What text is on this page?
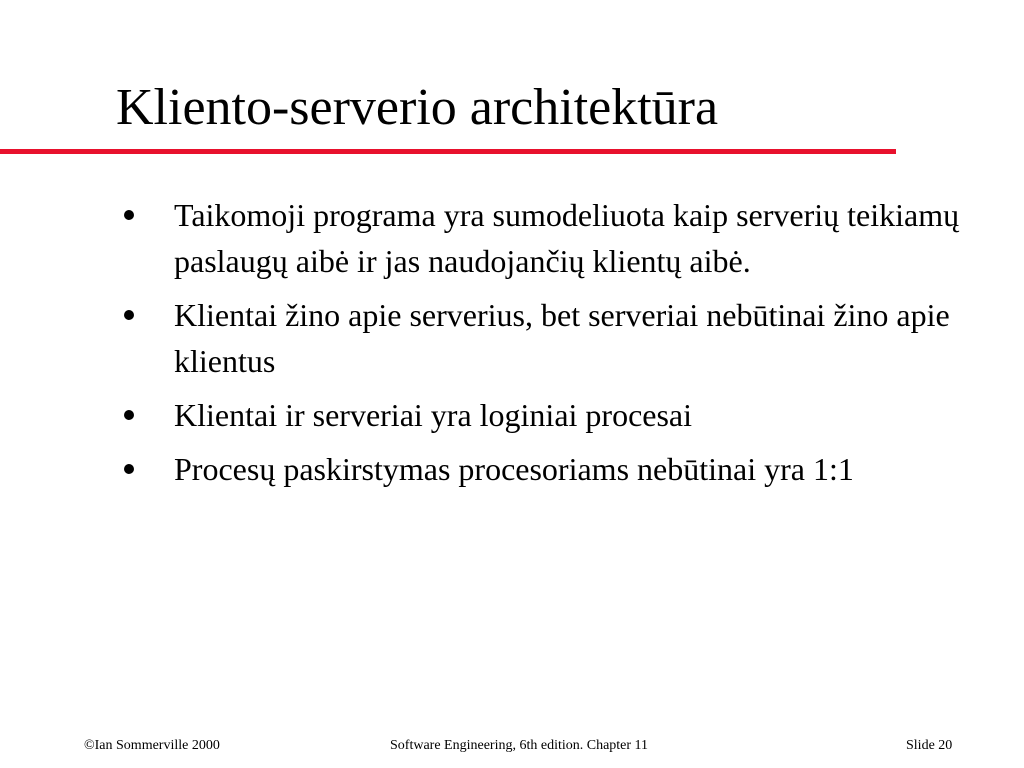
Kliento-serverio architektūra
Taikomoji programa yra sumodeliuota kaip serverių teikiamų paslaugų aibė ir jas naudojančių klientų aibė.
Klientai žino apie serverius, bet serveriai nebūtinai žino apie klientus
Klientai ir serveriai yra loginiai procesai
Procesų paskirstymas procesoriams nebūtinai yra 1:1
©Ian Sommerville 2000	Software Engineering, 6th edition. Chapter 11	Slide 20
